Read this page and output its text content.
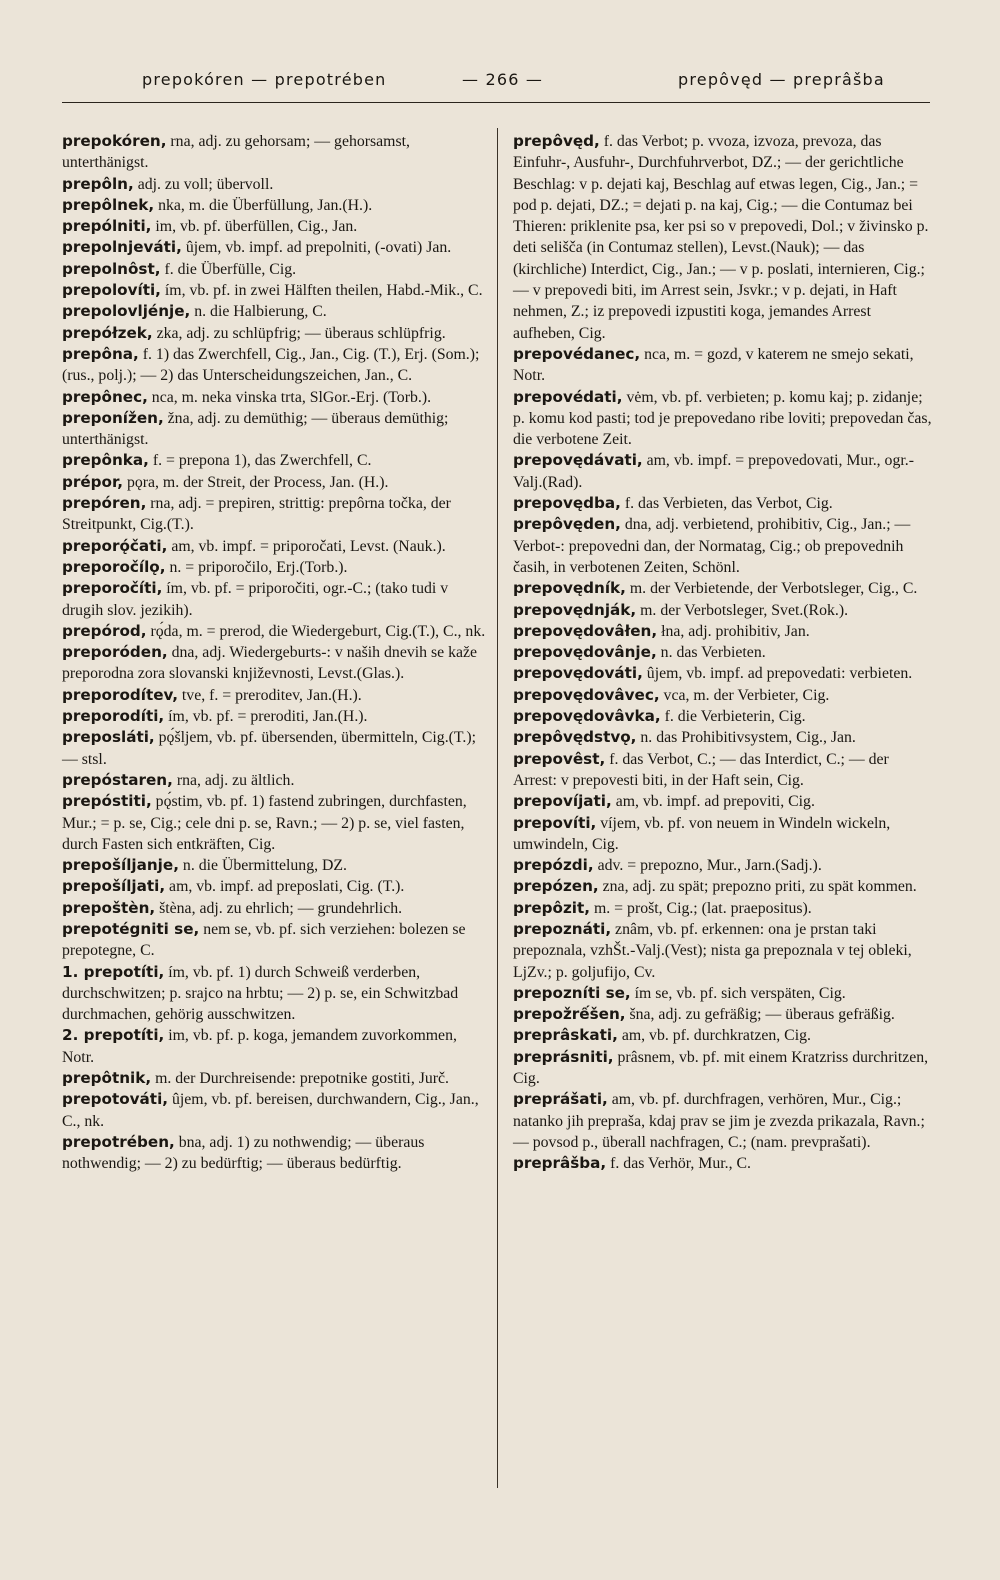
prepokóren — prepotrében	— 266 —	prepôvęd — preprâšba

prepokóren, rna, adj. zu gehorsam; — gehorsamst, unterthänigst.

prepôln, adj. zu voll; übervoll.

prepôlnek, nka, m. die Überfüllung, Jan.(H.).

prepólniti, im, vb. pf. überfüllen, Cig., Jan.

prepolnjeváti, ûjem, vb. impf. ad prepolniti, (-ovati) Jan.

prepolnôst, f. die Überfülle, Cig.

prepolovíti, ím, vb. pf. in zwei Hälften theilen, Habd.-Mik., C.

prepolovljénje, n. die Halbierung, C.

prepółzek, zka, adj. zu schlüpfrig; — überaus schlüpfrig.

prepôna, f. 1) das Zwerchfell, Cig., Jan., Cig. (T.), Erj. (Som.); (rus., polj.); — 2) das Unterscheidungszeichen, Jan., C.

prepônec, nca, m. neka vinska trta, SlGor.-Erj. (Torb.).

preponížen, žna, adj. zu demüthig; — überaus demüthig; unterthänigst.

prepônka, f. = prepona 1), das Zwerchfell, C.

prépor, pǫra, m. der Streit, der Process, Jan. (H.).

prepóren, rna, adj. = prepiren, strittig: prepôrna točka, der Streitpunkt, Cig.(T.).

preporǫ́čati, am, vb. impf. = priporočati, Levst. (Nauk.).

preporočílǫ, n. = priporočilo, Erj.(Torb.).

preporočíti, ím, vb. pf. = priporočiti, ogr.-C.; (tako tudi v drugih slov. jezikih).

prepórod, rǫ́da, m. = prerod, die Wiedergeburt, Cig.(T.), C., nk.

preporóden, dna, adj. Wiedergeburts-: v naših dnevih se kaže preporodna zora slovanski književnosti, Levst.(Glas.).

preporodítev, tve, f. = preroditev, Jan.(H.).

preporodíti, ím, vb. pf. = preroditi, Jan.(H.).

preposláti, pǫ́šljem, vb. pf. übersenden, übermitteln, Cig.(T.); — stsl.

prepóstaren, rna, adj. zu ältlich.

prepóstiti, pǫ́stim, vb. pf. 1) fastend zubringen, durchfasten, Mur.; = p. se, Cig.; cele dni p. se, Ravn.; — 2) p. se, viel fasten, durch Fasten sich entkräften, Cig.

prepošíljanje, n. die Übermittelung, DZ.

prepošíljati, am, vb. impf. ad preposlati, Cig. (T.).

prepoštèn, štèna, adj. zu ehrlich; — grundehrlich.

prepotégniti se, nem se, vb. pf. sich verziehen: bolezen se prepotegne, C.

1. prepotíti, ím, vb. pf. 1) durch Schweiß verderben, durchschwitzen; p. srajco na hrbtu; — 2) p. se, ein Schwitzbad durchmachen, gehörig ausschwitzen.

2. prepotíti, im, vb. pf. p. koga, jemandem zuvorkommen, Notr.

prepôtnik, m. der Durchreisende: prepotnike gostiti, Jurč.

prepotováti, ûjem, vb. pf. bereisen, durchwandern, Cig., Jan., C., nk.

prepotrében, bna, adj. 1) zu nothwendig; — überaus nothwendig; — 2) zu bedürftig; — überaus bedürftig.

prepôvęd, f. das Verbot; p. vvoza, izvoza, prevoza, das Einfuhr-, Ausfuhr-, Durchfuhrverbot, DZ.; — der gerichtliche Beschlag: v p. dejati kaj, Beschlag auf etwas legen, Cig., Jan.; = pod p. dejati, DZ.; = dejati p. na kaj, Cig.; — die Contumaz bei Thieren: priklenite psa, ker psi so v prepovedi, Dol.; v živinsko p. deti selišča (in Contumaz stellen), Levst.(Nauk); — das (kirchliche) Interdict, Cig., Jan.; — v p. poslati, internieren, Cig.; — v prepovedi biti, im Arrest sein, Jsvkr.; v p. dejati, in Haft nehmen, Z.; iz prepovedi izpustiti koga, jemandes Arrest aufheben, Cig.

prepovédanec, nca, m. = gozd, v katerem ne smejo sekati, Notr.

prepovédati, vėm, vb. pf. verbieten; p. komu kaj; p. zidanje; p. komu kod pasti; tod je prepovedano ribe loviti; prepovedan čas, die verbotene Zeit.

prepovędávati, am, vb. impf. = prepovedovati, Mur., ogr.-Valj.(Rad).

prepovędba, f. das Verbieten, das Verbot, Cig.

prepôvęden, dna, adj. verbietend, prohibitiv, Cig., Jan.; — Verbot-: prepovedni dan, der Normatag, Cig.; ob prepovednih časih, in verbotenen Zeiten, Schönl.

prepovędník, m. der Verbietende, der Verbotsleger, Cig., C.

prepovędnják, m. der Verbotsleger, Svet.(Rok.).

prepovędovâłen, łna, adj. prohibitiv, Jan.

prepovędovânje, n. das Verbieten.

prepovędováti, ûjem, vb. impf. ad prepovedati: verbieten.

prepovędovâvec, vca, m. der Verbieter, Cig.

prepovędovâvka, f. die Verbieterin, Cig.

prepôvędstvǫ, n. das Prohibitivsystem, Cig., Jan.

prepovêst, f. das Verbot, C.; — das Interdict, C.; — der Arrest: v prepovesti biti, in der Haft sein, Cig.

prepovíjati, am, vb. impf. ad prepoviti, Cig.

prepovíti, víjem, vb. pf. von neuem in Windeln wickeln, umwindeln, Cig.

prepózdi, adv. = prepozno, Mur., Jarn.(Sadj.).

prepózen, zna, adj. zu spät; prepozno priti, zu spät kommen.

prepôzit, m. = prošt, Cig.; (lat. praepositus).

prepoznáti, znâm, vb. pf. erkennen: ona je prstan taki prepoznala, vzhŠt.-Valj.(Vest); nista ga prepoznala v tej obleki, LjZv.; p. goljufijo, Cv.

prepozníti se, ím se, vb. pf. sich verspäten, Cig.

prepožrếšen, šna, adj. zu gefräßig; — überaus gefräßig.

preprâskati, am, vb. pf. durchkratzen, Cig.

preprásniti, prâsnem, vb. pf. mit einem Kratzriss durchritzen, Cig.

preprášati, am, vb. pf. durchfragen, verhören, Mur., Cig.; natanko jih prepraša, kdaj prav se jim je zvezda prikazala, Ravn.; — povsod p., überall nachfragen, C.; (nam. prevprašati).

preprâšba, f. das Verhör, Mur., C.
